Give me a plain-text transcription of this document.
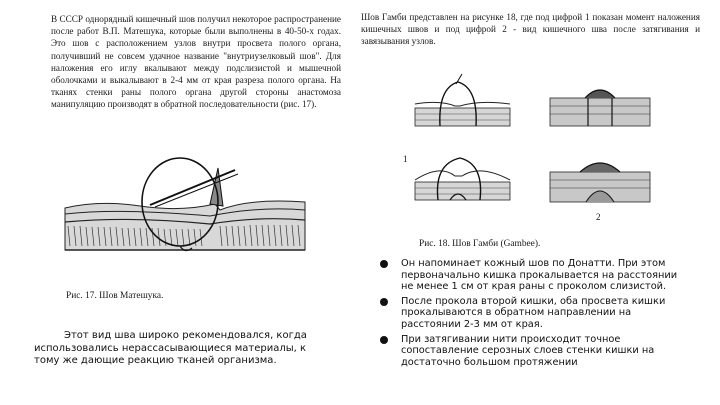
В СССР однорядный кишечный шов получил некоторое распространение после работ В.П. Матешука, которые были выполнены в 40-50-х годах. Это шов с расположением узлов внутри просвета полого органа, получивший не совсем удачное название "внутриузелковый шов". Для наложения его иглу вкалывают между подслизистой и мышечной оболочками и выкалывают в 2-4 мм от края разреза полого органа. На тканях стенки раны полого органа другой стороны анастомоза манипуляцию производят в обратной последовательности (рис. 17).

Шов Гамби представлен на рисунке 18, где под цифрой 1 показан момент наложения кишечных швов и под цифрой 2 - вид кишечного шва после затягивания и завязывания узлов.

Рис. 17. Шов Матешука.

1
2

Рис. 18. Шов Гамби (Gambee).

Этот вид шва широко рекомендовался, когда использовались нерассасывающиеся материалы, к тому же дающие реакцию тканей организма.

Он напоминает кожный шов по Донатти. При этом первоначально кишка прокалывается на расстоянии не менее 1 см от края раны с проколом слизистой.
После прокола второй кишки, оба просвета кишки прокалываются в обратном направлении на расстоянии 2-3 мм от края.
При затягивании нити происходит точное сопоставление серозных слоев стенки кишки на достаточно большом протяжении
